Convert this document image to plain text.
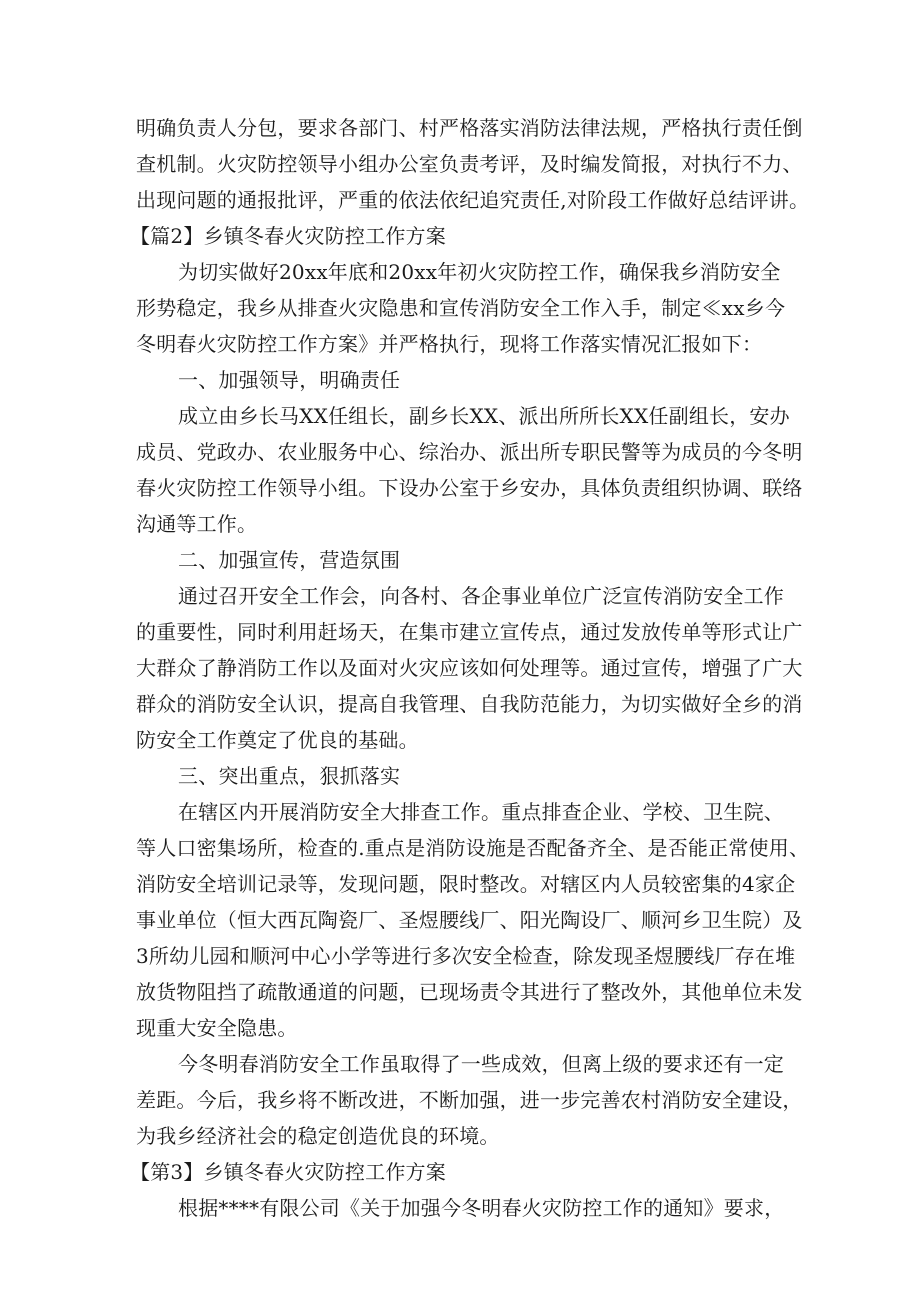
明确负责人分包，要求各部门、村严格落实消防法律法规，严格执行责任倒

查机制。火灾防控领导小组办公室负责考评，及时编发简报，对执行不力、

出现问题的通报批评，严重的依法依纪追究责任,对阶段工作做好总结评讲。

【篇2】乡镇冬春火灾防控工作方案

为切实做好20xx年底和20xx年初火灾防控工作，确保我乡消防安全

形势稳定，我乡从排查火灾隐患和宣传消防安全工作入手，制定≪xx乡今

冬明春火灾防控工作方案》并严格执行，现将工作落实情况汇报如下：

一、加强领导，明确责任

成立由乡长马XX任组长，副乡长XX、派出所所长XX任副组长，安办

成员、党政办、农业服务中心、综治办、派出所专职民警等为成员的今冬明

春火灾防控工作领导小组。下设办公室于乡安办，具体负责组织协调、联络

沟通等工作。

二、加强宣传，营造氛围

通过召开安全工作会，向各村、各企事业单位广泛宣传消防安全工作

的重要性，同时利用赶场天，在集市建立宣传点，通过发放传单等形式让广

大群众了静消防工作以及面对火灾应该如何处理等。通过宣传，增强了广大

群众的消防安全认识，提高自我管理、自我防范能力，为切实做好全乡的消

防安全工作奠定了优良的基础。

三、突出重点，狠抓落实

在辖区内开展消防安全大排查工作。重点排查企业、学校、卫生院、

等人口密集场所，检查的.重点是消防设施是否配备齐全、是否能正常使用、

消防安全培训记录等，发现问题，限时整改。对辖区内人员较密集的4家企

事业单位（恒大西瓦陶瓷厂、圣煜腰线厂、阳光陶设厂、顺河乡卫生院）及

3所幼儿园和顺河中心小学等进行多次安全检查，除发现圣煜腰线厂存在堆

放货物阻挡了疏散通道的问题，已现场责令其进行了整改外，其他单位未发

现重大安全隐患。

今冬明春消防安全工作虽取得了一些成效，但离上级的要求还有一定

差距。今后，我乡将不断改进，不断加强，进一步完善农村消防安全建设，

为我乡经济社会的稳定创造优良的环境。

【第3】乡镇冬春火灾防控工作方案

根据****有限公司《关于加强今冬明春火灾防控工作的通知》要求，
